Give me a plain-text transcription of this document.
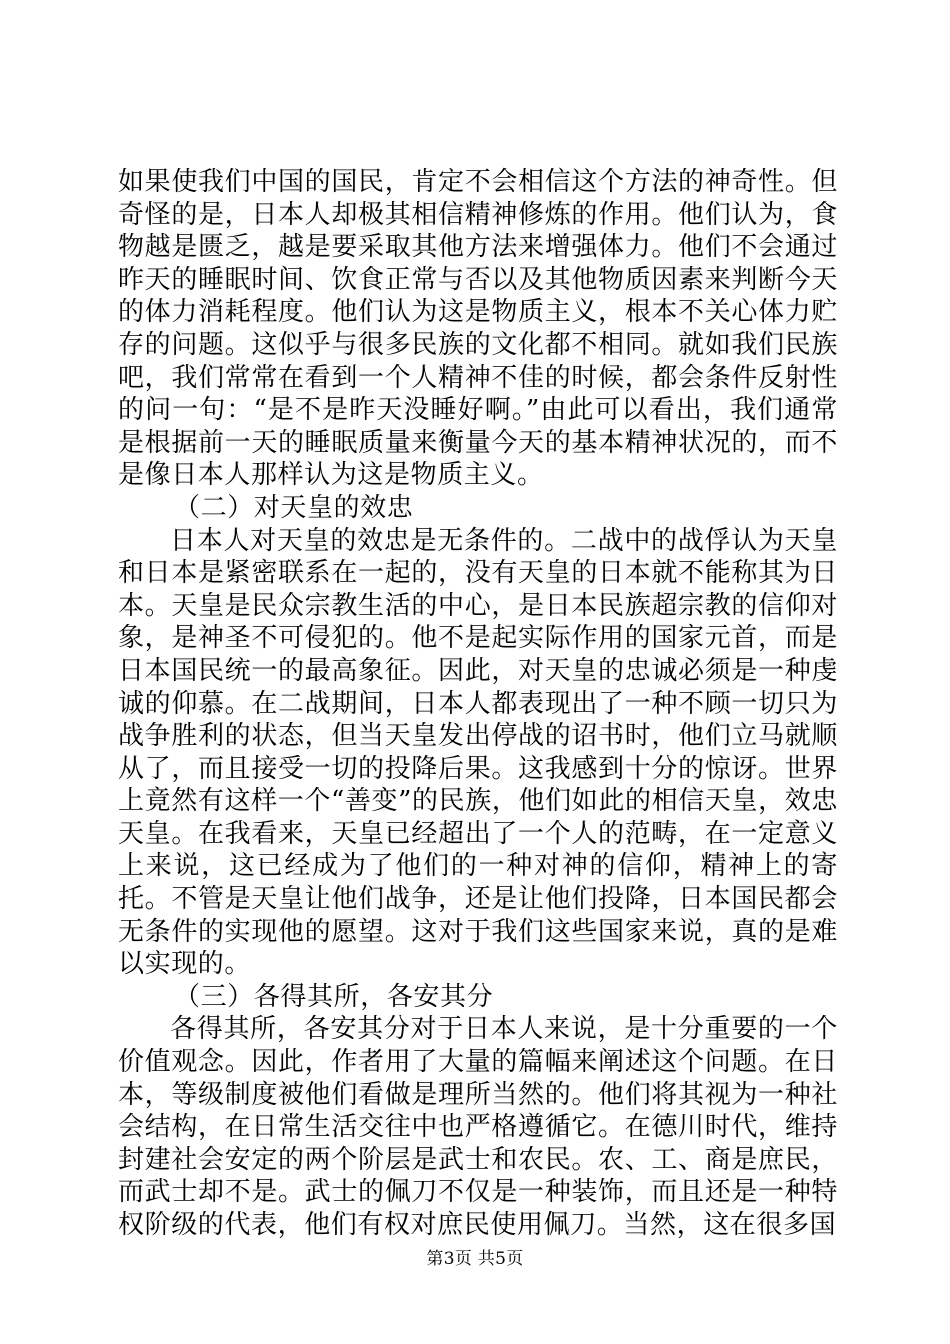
如果使我们中国的国民，肯定不会相信这个方法的神奇性。但奇怪的是，日本人却极其相信精神修炼的作用。他们认为，食物越是匮乏，越是要采取其他方法来增强体力。他们不会通过昨天的睡眠时间、饮食正常与否以及其他物质因素来判断今天的体力消耗程度。他们认为这是物质主义，根本不关心体力贮存的问题。这似乎与很多民族的文化都不相同。就如我们民族吧，我们常常在看到一个人精神不佳的时候，都会条件反射性的问一句：“是不是昨天没睡好啊。”由此可以看出，我们通常是根据前一天的睡眠质量来衡量今天的基本精神状况的，而不是像日本人那样认为这是物质主义。

（二）对天皇的效忠

日本人对天皇的效忠是无条件的。二战中的战俘认为天皇和日本是紧密联系在一起的，没有天皇的日本就不能称其为日本。天皇是民众宗教生活的中心，是日本民族超宗教的信仰对象，是神圣不可侵犯的。他不是起实际作用的国家元首，而是日本国民统一的最高象征。因此，对天皇的忠诚必须是一种虔诚的仰慕。在二战期间，日本人都表现出了一种不顾一切只为战争胜利的状态，但当天皇发出停战的诏书时，他们立马就顺从了，而且接受一切的投降后果。这我感到十分的惊讶。世界上竟然有这样一个“善变”的民族，他们如此的相信天皇，效忠天皇。在我看来，天皇已经超出了一个人的范畴，在一定意义上来说，这已经成为了他们的一种对神的信仰，精神上的寄托。不管是天皇让他们战争，还是让他们投降，日本国民都会无条件的实现他的愿望。这对于我们这些国家来说，真的是难以实现的。

（三）各得其所，各安其分

各得其所，各安其分对于日本人来说，是十分重要的一个价值观念。因此，作者用了大量的篇幅来阐述这个问题。在日本，等级制度被他们看做是理所当然的。他们将其视为一种社会结构，在日常生活交往中也严格遵循它。在德川时代，维持封建社会安定的两个阶层是武士和农民。农、工、商是庶民，而武士却不是。武士的佩刀不仅是一种装饰，而且还是一种特权阶级的代表，他们有权对庶民使用佩刀。当然，这在很多国

第3页 共5页
